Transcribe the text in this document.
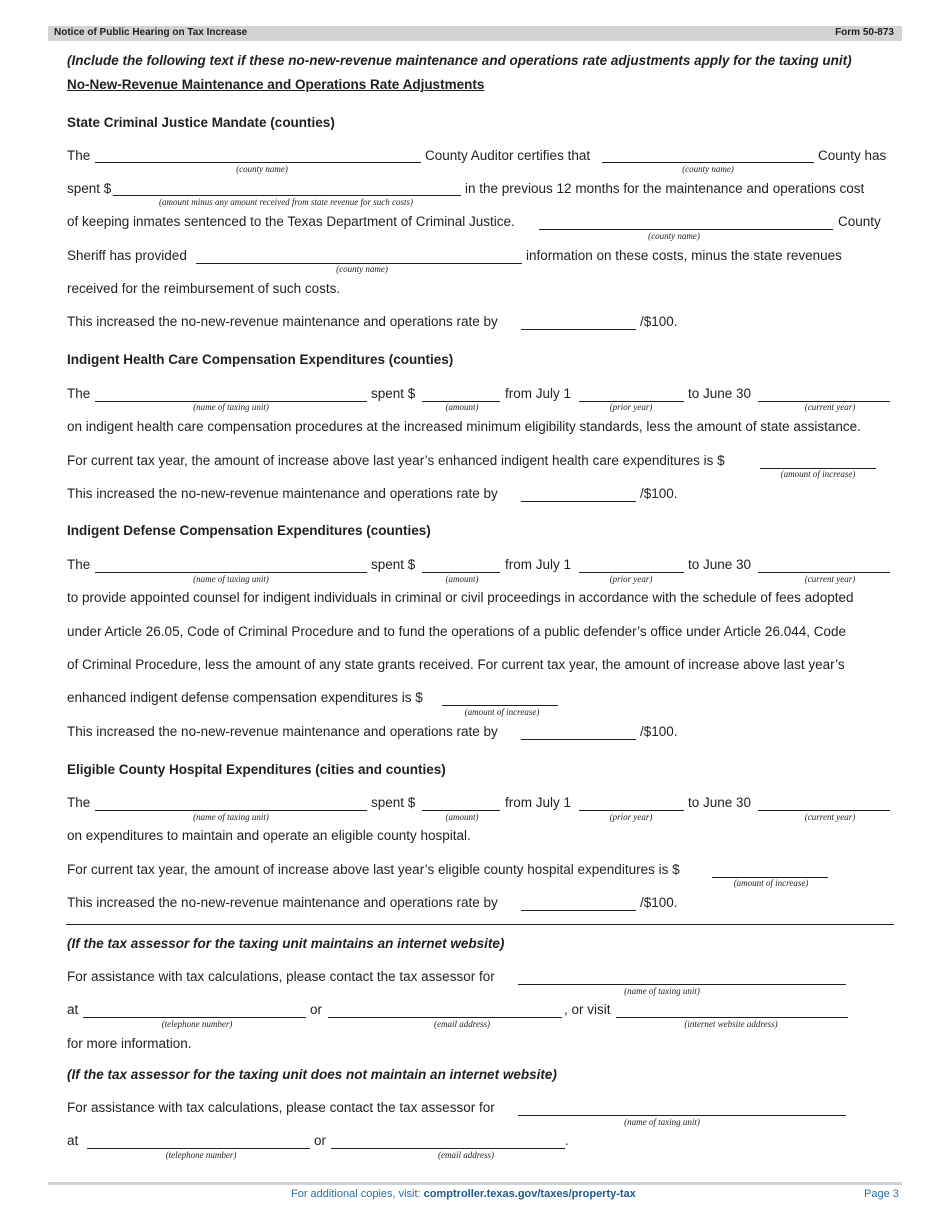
Notice of Public Hearing on Tax Increase	Form 50-873
(Include the following text if these no-new-revenue maintenance and operations rate adjustments apply for the taxing unit)
No-New-Revenue Maintenance and Operations Rate Adjustments
State Criminal Justice Mandate (counties)
The
(county name)
County Auditor certifies that
(county name)
County has
spent $
(amount minus any amount received from state revenue for such costs)
in the previous 12 months for the maintenance and operations cost
of keeping inmates sentenced to the Texas Department of Criminal Justice.
(county name)
County
Sheriff has provided
(county name)
information on these costs, minus the state revenues
received for the reimbursement of such costs.
This increased the no-new-revenue maintenance and operations rate by	/$100.
Indigent Health Care Compensation Expenditures (counties)
The
(name of taxing unit)
spent $
(amount)
from July 1
(prior year)
to June 30
(current year)
on indigent health care compensation procedures at the increased minimum eligibility standards, less the amount of state assistance.
For current tax year, the amount of increase above last year’s enhanced indigent health care expenditures is $
(amount of increase)
This increased the no-new-revenue maintenance and operations rate by	/$100.
Indigent Defense Compensation Expenditures (counties)
The
(name of taxing unit)
spent $
(amount)
from July 1
(prior year)
to June 30
(current year)
to provide appointed counsel for indigent individuals in criminal or civil proceedings in accordance with the schedule of fees adopted
under Article 26.05, Code of Criminal Procedure and to fund the operations of a public defender’s office under Article 26.044, Code
of Criminal Procedure, less the amount of any state grants received. For current tax year, the amount of increase above last year’s
enhanced indigent defense compensation expenditures is $
(amount of increase)
This increased the no-new-revenue maintenance and operations rate by	/$100.
Eligible County Hospital Expenditures (cities and counties)
The
(name of taxing unit)
spent $
(amount)
from July 1
(prior year)
to June 30
(current year)
on expenditures to maintain and operate an eligible county hospital.
For current tax year, the amount of increase above last year’s eligible county hospital expenditures is $
(amount of increase)
This increased the no-new-revenue maintenance and operations rate by	/$100.
(If the tax assessor for the taxing unit maintains an internet website)
For assistance with tax calculations, please contact the tax assessor for
(name of taxing unit)
at
(telephone number)
or
(email address)
, or visit
(internet website address)
for more information.
(If the tax assessor for the taxing unit does not maintain an internet website)
For assistance with tax calculations, please contact the tax assessor for
(name of taxing unit)
at
(telephone number)
or
(email address)
.
For additional copies, visit: comptroller.texas.gov/taxes/property-tax	Page 3
